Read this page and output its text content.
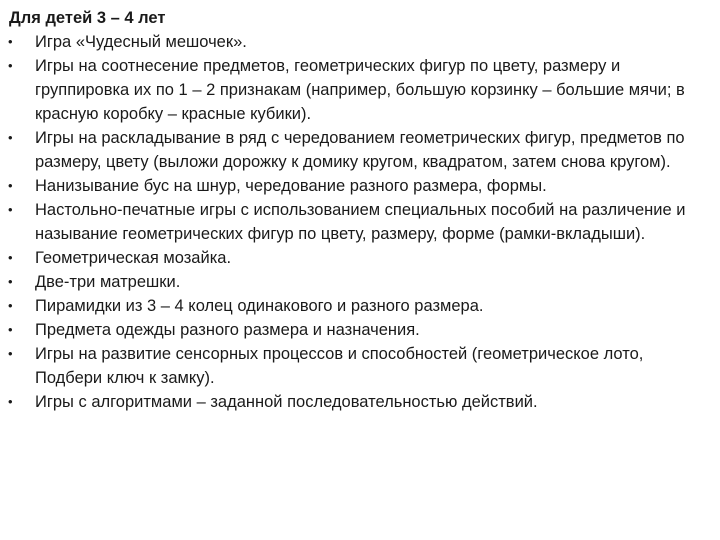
Для детей 3 – 4 лет
•	Игра «Чудесный мешочек».
•	Игры на соотнесение предметов, геометрических фигур по цвету, размеру и группировка их по 1 – 2 признакам (например, большую корзинку – большие мячи; в красную коробку – красные кубики).
•	Игры на раскладывание в ряд с чередованием геометрических фигур, предметов по размеру, цвету (выложи дорожку к домику кругом, квадратом, затем снова кругом).
•	Нанизывание бус на шнур, чередование разного размера, формы.
•	Настольно-печатные игры с использованием специальных пособий на различение и называние геометрических фигур по цвету, размеру, форме (рамки-вкладыши).
•	Геометрическая мозайка.
•	Две-три матрешки.
•	Пирамидки из 3 – 4 колец одинакового и разного размера.
•	Предмета одежды разного размера и назначения.
•	Игры на развитие сенсорных процессов и способностей (геометрическое лото, Подбери ключ к замку).
•	Игры с алгоритмами – заданной последовательностью действий.
